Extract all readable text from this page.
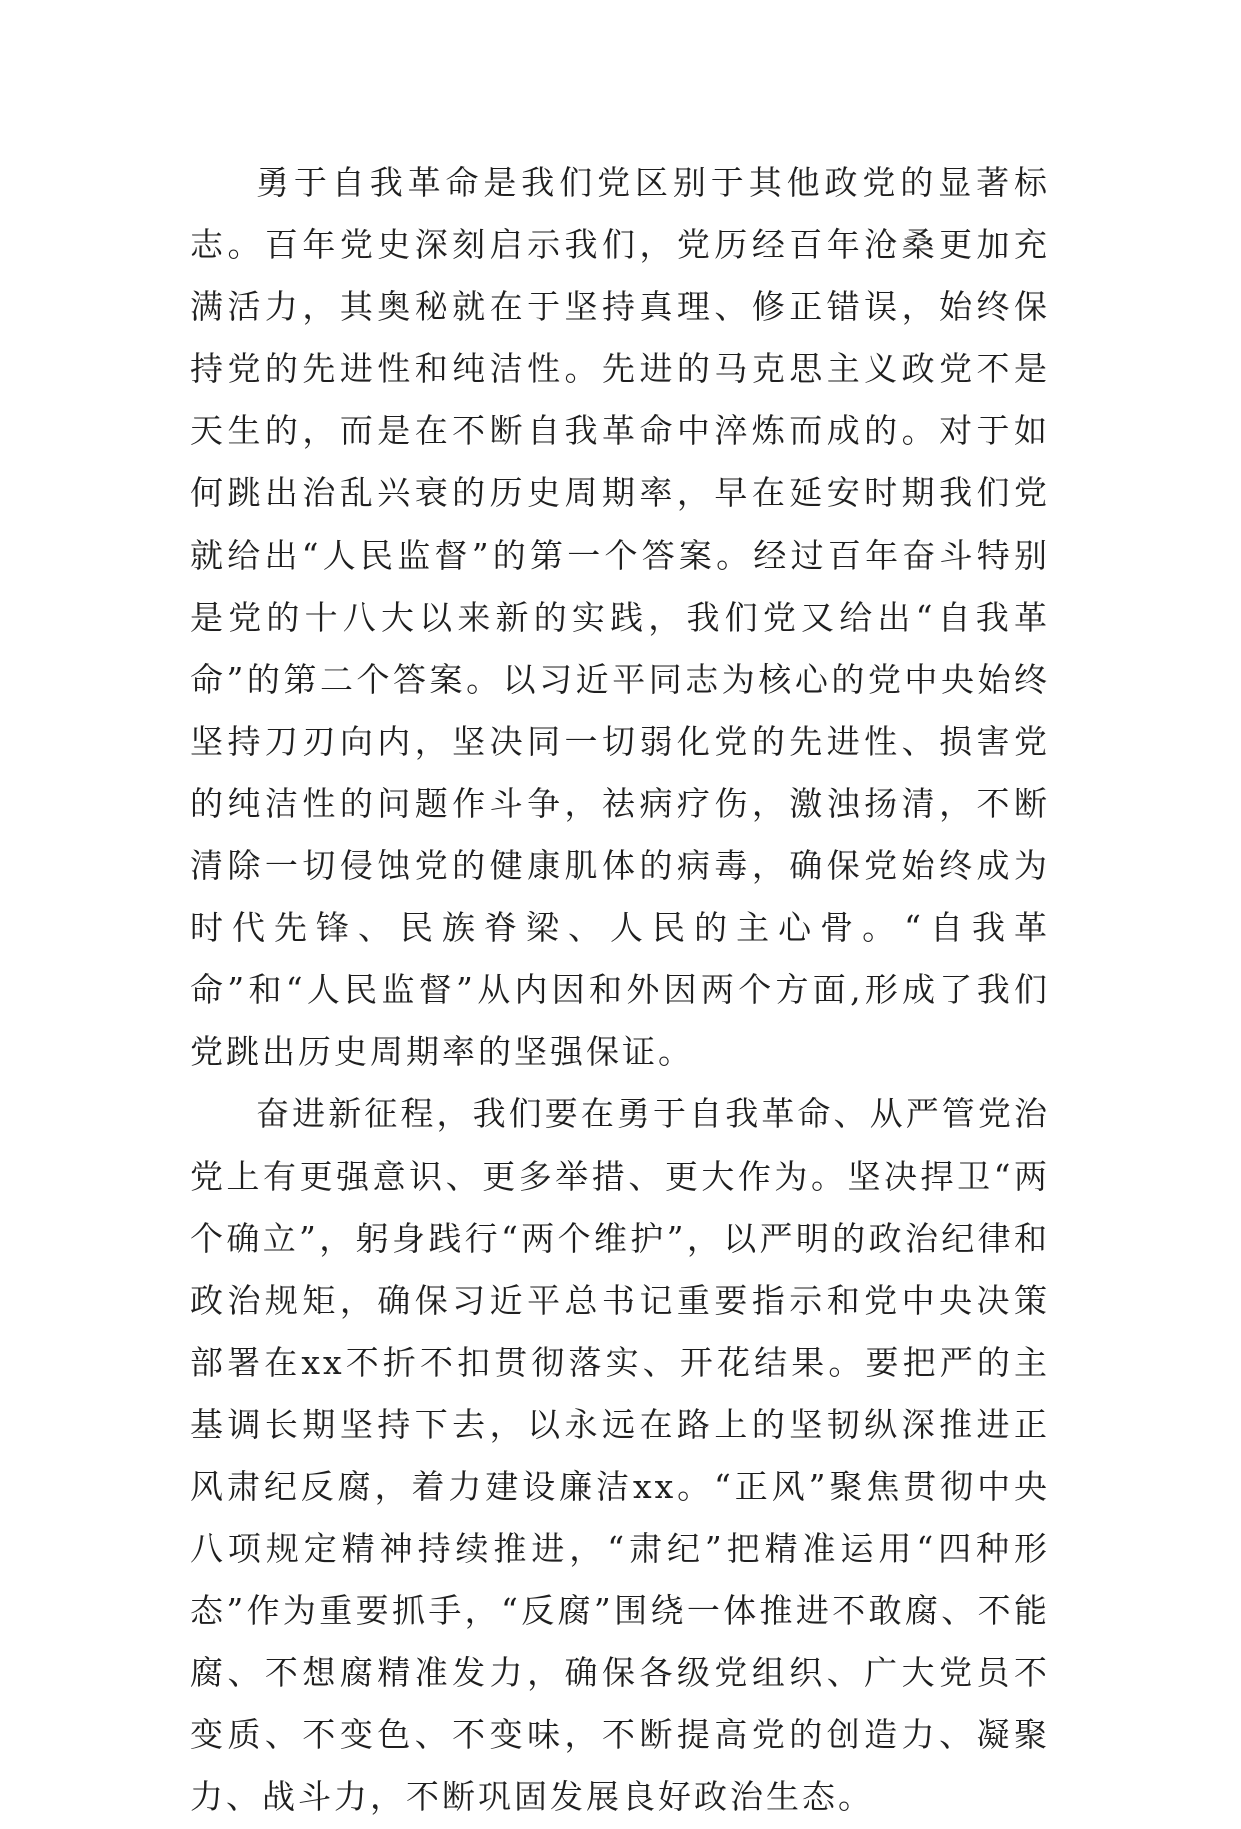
勇于自我革命是我们党区别于其他政党的显著标志。百年党史深刻启示我们，党历经百年沧桑更加充满活力，其奥秘就在于坚持真理、修正错误，始终保持党的先进性和纯洁性。先进的马克思主义政党不是天生的，而是在不断自我革命中淬炼而成的。对于如何跳出治乱兴衰的历史周期率，早在延安时期我们党就给出“人民监督”的第一个答案。经过百年奋斗特别是党的十八大以来新的实践，我们党又给出“自我革命”的第二个答案。以习近平同志为核心的党中央始终坚持刀刃向内，坚决同一切弱化党的先进性、损害党的纯洁性的问题作斗争，祛病疗伤，激浊扬清，不断清除一切侵蚀党的健康肌体的病毒，确保党始终成为时代先锋、民族脊梁、人民的主心骨。“自我革命”和“人民监督”从内因和外因两个方面,形成了我们党跳出历史周期率的坚强保证。

奋进新征程，我们要在勇于自我革命、从严管党治党上有更强意识、更多举措、更大作为。坚决捍卫“两个确立”，躬身践行“两个维护”，以严明的政治纪律和政治规矩，确保习近平总书记重要指示和党中央决策部署在xx不折不扣贯彻落实、开花结果。要把严的主基调长期坚持下去，以永远在路上的坚韧纵深推进正风肃纪反腐，着力建设廉洁xx。“正风”聚焦贯彻中央八项规定精神持续推进，“肃纪”把精准运用“四种形态”作为重要抓手，“反腐”围绕一体推进不敢腐、不能腐、不想腐精准发力，确保各级党组织、广大党员不变质、不变色、不变味，不断提高党的创造力、凝聚力、战斗力，不断巩固发展良好政治生态。
